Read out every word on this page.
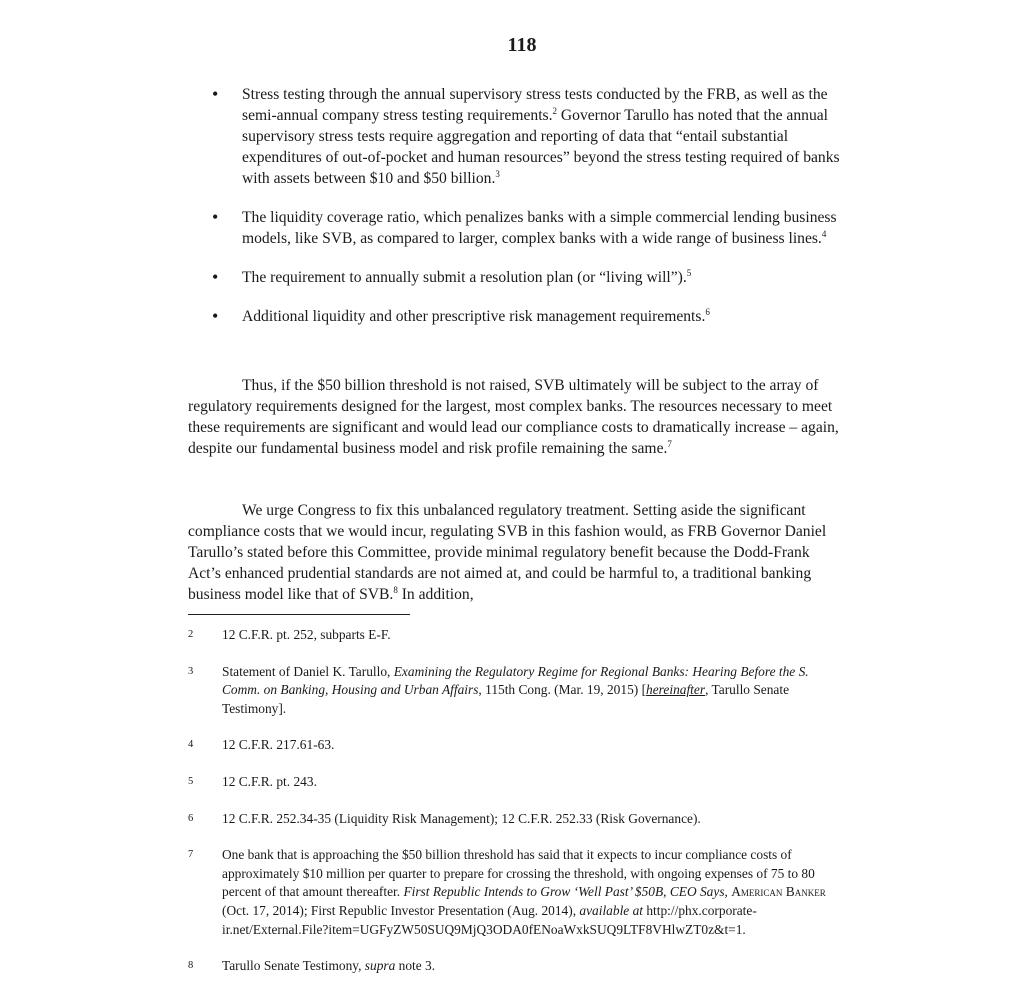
118
• Stress testing through the annual supervisory stress tests conducted by the FRB, as well as the semi-annual company stress testing requirements.$^2$ Governor Tarullo has noted that the annual supervisory stress tests require aggregation and reporting of data that “entail substantial expenditures of out-of-pocket and human resources” beyond the stress testing required of banks with assets between $10 and $50 billion.$^3$
• The liquidity coverage ratio, which penalizes banks with a simple commercial lending business models, like SVB, as compared to larger, complex banks with a wide range of business lines.$^4$
• The requirement to annually submit a resolution plan (or “living will”).$^5$
• Additional liquidity and other prescriptive risk management requirements.$^6$

Thus, if the $50 billion threshold is not raised, SVB ultimately will be subject to the array of regulatory requirements designed for the largest, most complex banks. The resources necessary to meet these requirements are significant and would lead our compliance costs to dramatically increase – again, despite our fundamental business model and risk profile remaining the same.$^7$

We urge Congress to fix this unbalanced regulatory treatment. Setting aside the significant compliance costs that we would incur, regulating SVB in this fashion would, as FRB Governor Daniel Tarullo’s stated before this Committee, provide minimal regulatory benefit because the Dodd-Frank Act’s enhanced prudential standards are not aimed at, and could be harmful to, a traditional banking business model like that of SVB.$^8$ In addition,

2 12 C.F.R. pt. 252, subparts E-F.
3 Statement of Daniel K. Tarullo, Examining the Regulatory Regime for Regional Banks: Hearing Before the S. Comm. on Banking, Housing and Urban Affairs, 115th Cong. (Mar. 19, 2015) [hereinafter, Tarullo Senate Testimony].
4 12 C.F.R. 217.61-63.
5 12 C.F.R. pt. 243.
6 12 C.F.R. 252.34-35 (Liquidity Risk Management); 12 C.F.R. 252.33 (Risk Governance).
7 One bank that is approaching the $50 billion threshold has said that it expects to incur compliance costs of approximately $10 million per quarter to prepare for crossing the threshold, with ongoing expenses of 75 to 80 percent of that amount thereafter. First Republic Intends to Grow ‘Well Past’ $50B, CEO Says, American Banker (Oct. 17, 2014); First Republic Investor Presentation (Aug. 2014), available at http://phx.corporate-ir.net/External.File?item=UGFyZW50SUQ9MjQ3ODA0fENoaWxkSUQ9LTF8VHlwZT0z&t=1.
8 Tarullo Senate Testimony, supra note 3.
